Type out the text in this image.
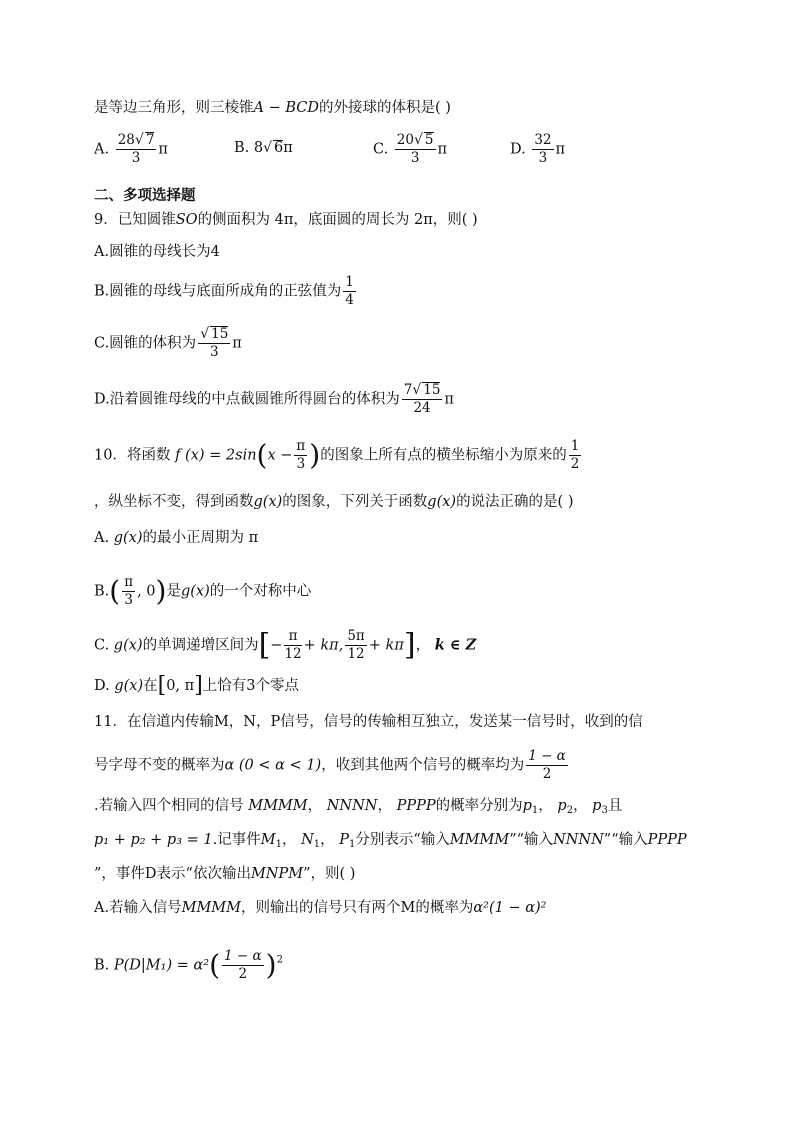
是等边三角形，则三棱锥A − BCD的外接球的体积是( )
A. $\frac{28√ 7}{3}$ π	B. 8√ 6π	C. $\frac{20√ 5}{3}$ π	D. $\frac{32}{3}$ π
二、多项选择题
9．已知圆锥SO的侧面积为 4π，底面圆的周长为 2π，则( )
A.圆锥的母线长为4
B.圆锥的母线与底面所成角的正弦值为 $\frac{1}{4}$
C.圆锥的体积为 $\frac{√ 15}{3}$ π
D.沿着圆锥母线的中点截圆锥所得圆台的体积为 $\frac{7√ 15}{24}$ π
10．将函数 f $(x) = 2\sin(x - \frac{\pi}{3}$ )的图象上所有点的横坐标缩小为原来的 $\frac{1}{2}$
，纵坐标不变，得到函数g(x)的图象，下列关于函数g(x)的说法正确的是( )
A. g(x)的最小正周期为 π
$B.( \frac{\pi}{3}$ , 0)是g(x)的一个对称中心
C. g(x)的单调递增区间为[− $\frac{\pi}{12} + k\pi$, $\frac{5\pi}{12} + k\pi$]， k ∈ Z
D. g(x)在[0, π]上恰有3个零点
11．在信道内传输M，N，P信号，信号的传输相互独立，发送某一信号时，收到的信
号字母不变的概率为α (0 < α < 1)，收到其他两个信号的概率均为 $\frac{1 - \alpha}{2}$
.若输入四个相同的信号 MMMM， NNNN， PPPP的概率分别为$p_1$， $p_2$， $p_3$且
p₁ + p₂ + p₃ = 1.记事件$M_1$， $N_1$， $P_1$分别表示“输入MMMM”“输入NNNN”“输入PPPP
”，事件D表示“依次输出MNPM”，则( )
A.若输入信号MMMM，则输出的信号只有两个M的概率为α²(1 − α)²
B. $P(D|M_1) = \alpha^2( \frac{1 - \alpha}{2} )^2$
